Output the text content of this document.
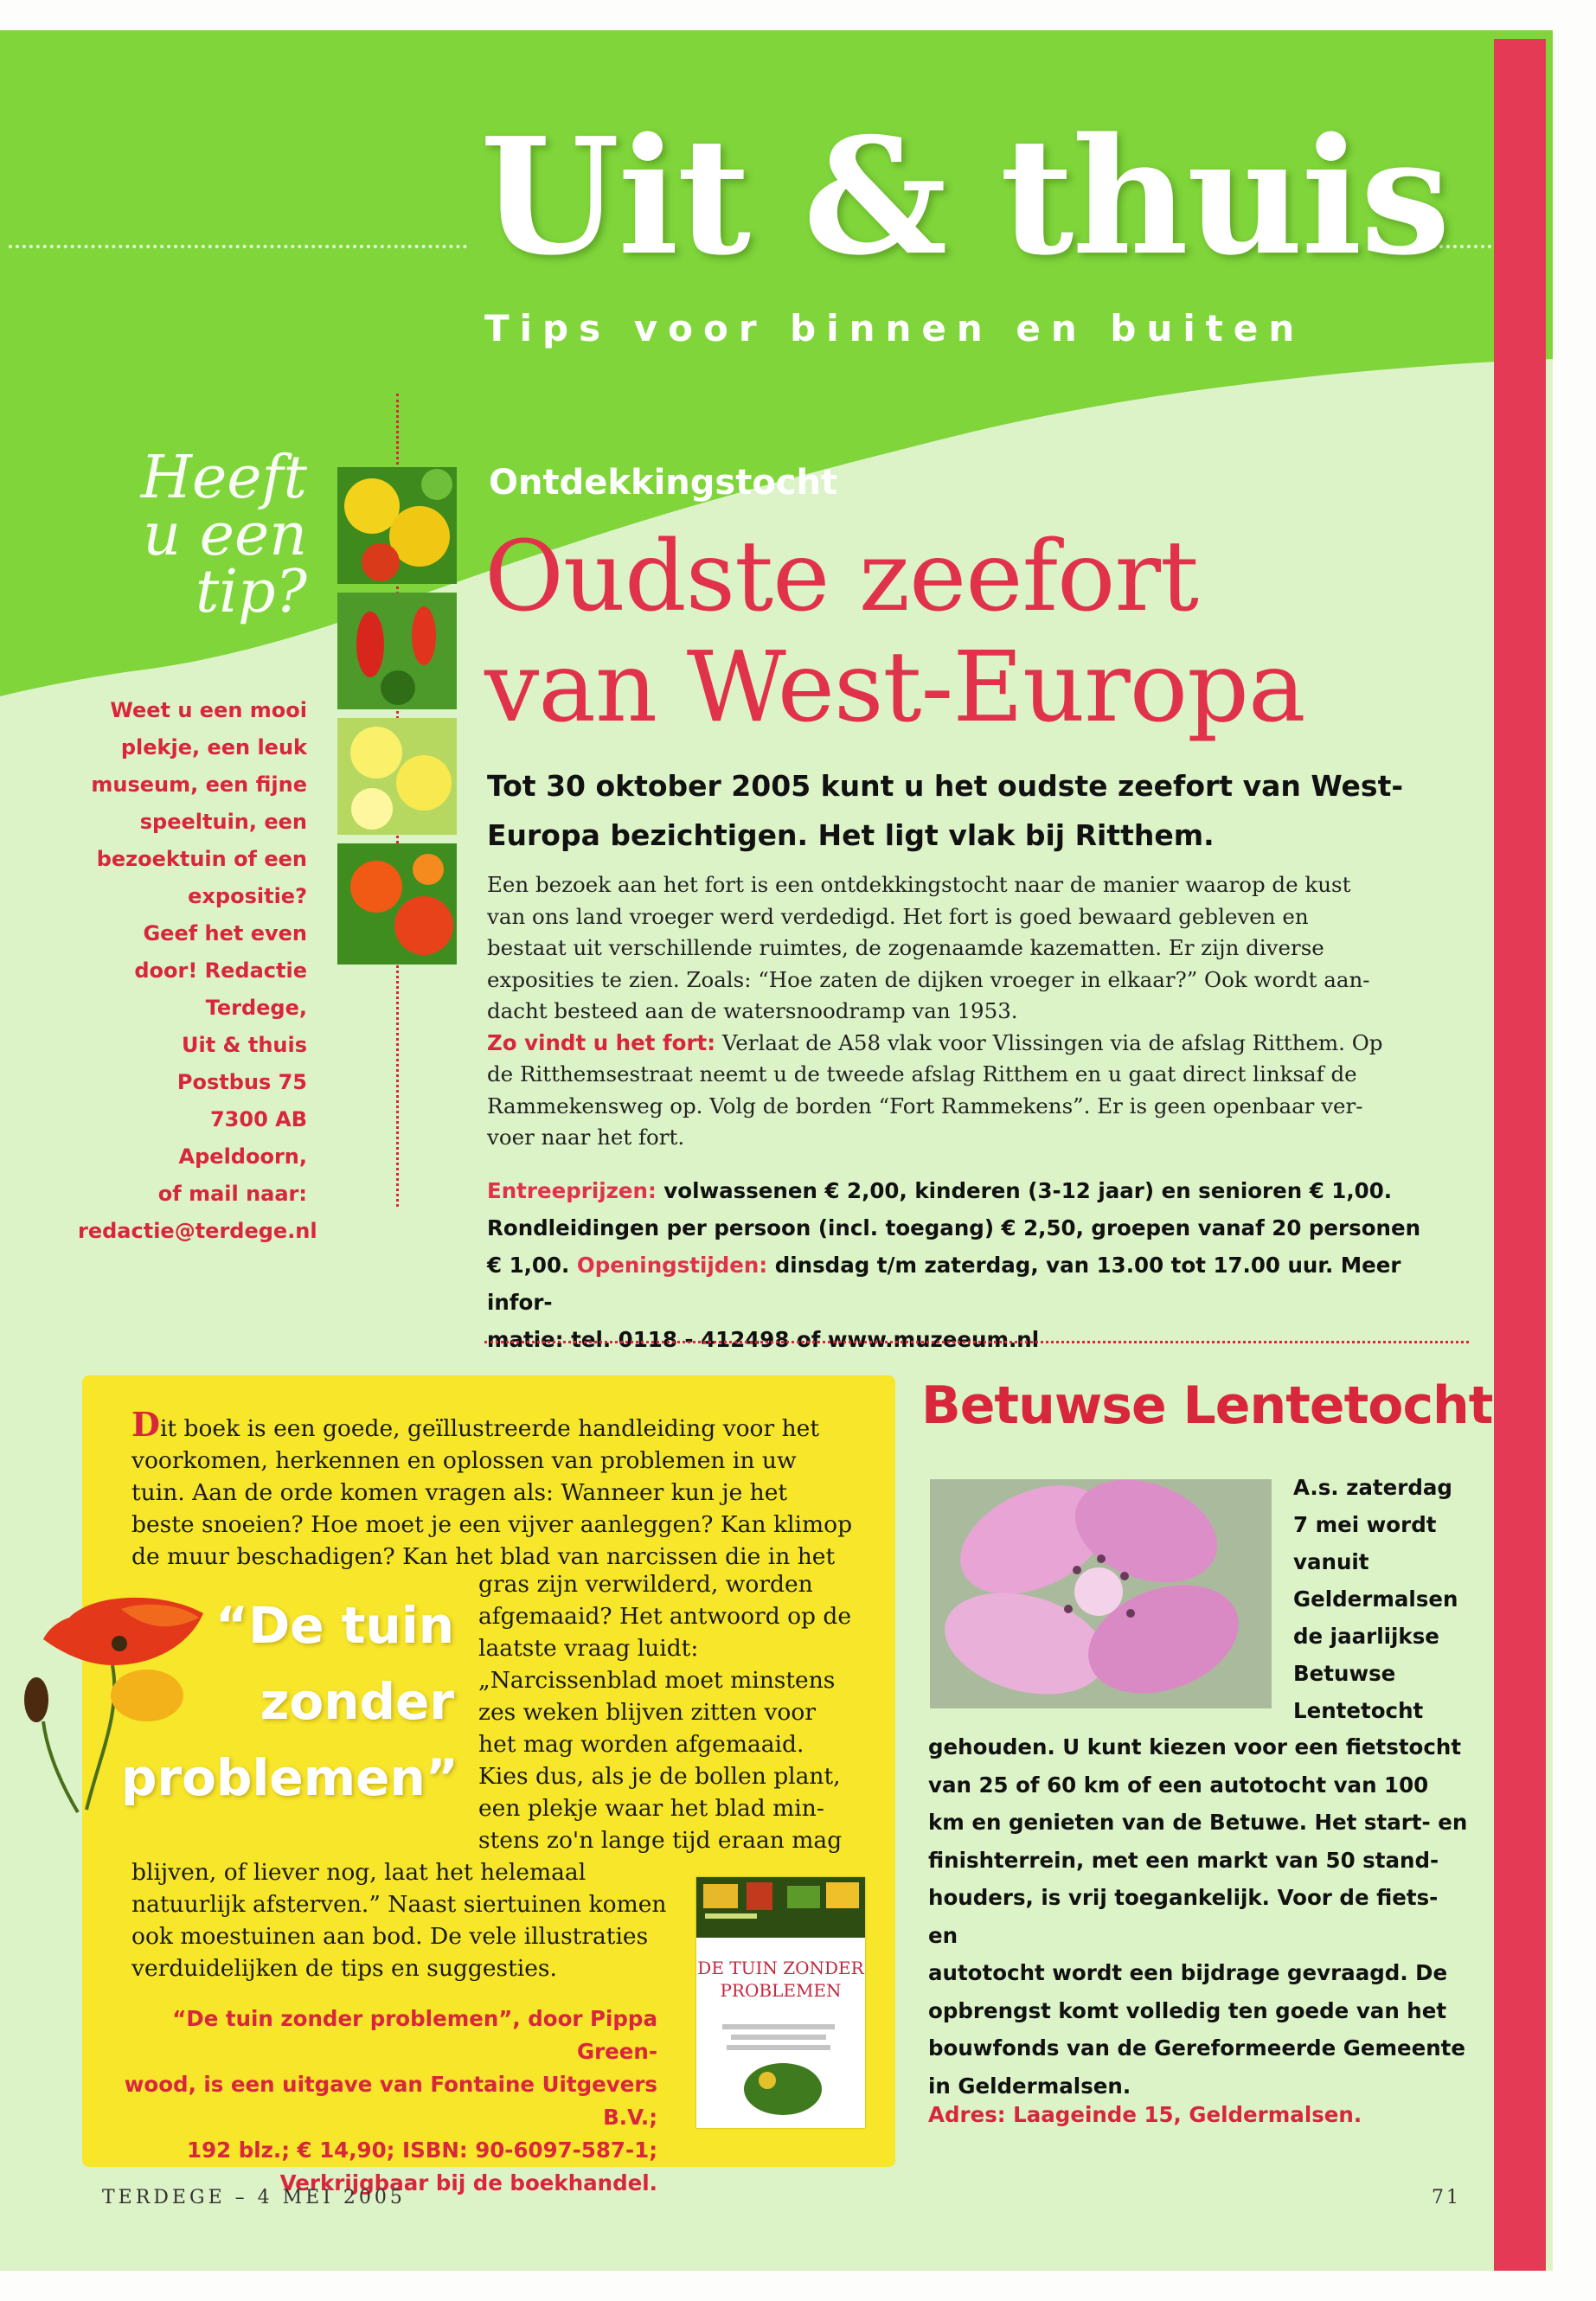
Uit & thuis
Tips voor binnen en buiten
Heeft
u een
tip?
Weet u een mooi
plekje, een leuk
museum, een fijne
speeltuin, een
bezoektuin of een
expositie?
Geef het even
door! Redactie
Terdege,
Uit & thuis
Postbus 75
7300 AB Apeldoorn,
of mail naar:
redactie@terdege.nl
Ontdekkingstocht
Oudste zeefort
van West-Europa
Tot 30 oktober 2005 kunt u het oudste zeefort van West-
Europa bezichtigen. Het ligt vlak bij Ritthem.
Een bezoek aan het fort is een ontdekkingstocht naar de manier waarop de kust
van ons land vroeger werd verdedigd. Het fort is goed bewaard gebleven en
bestaat uit verschillende ruimtes, de zogenaamde kazematten. Er zijn diverse
exposities te zien. Zoals: “Hoe zaten de dijken vroeger in elkaar?” Ook wordt aan-
dacht besteed aan de watersnoodramp van 1953.
Zo vindt u het fort: Verlaat de A58 vlak voor Vlissingen via de afslag Ritthem. Op
de Ritthemsestraat neemt u de tweede afslag Ritthem en u gaat direct linksaf de
Rammekensweg op. Volg de borden “Fort Rammekens”. Er is geen openbaar ver-
voer naar het fort.
Entreeprijzen: volwassenen € 2,00, kinderen (3-12 jaar) en senioren € 1,00.
Rondleidingen per persoon (incl. toegang) € 2,50, groepen vanaf 20 personen
€ 1,00. Openingstijden: dinsdag t/m zaterdag, van 13.00 tot 17.00 uur. Meer infor-
matie: tel. 0118 - 412498 of www.muzeeum.nl
Dit boek is een goede, geïllustreerde handleiding voor het
voorkomen, herkennen en oplossen van problemen in uw
tuin. Aan de orde komen vragen als: Wanneer kun je het
beste snoeien? Hoe moet je een vijver aanleggen? Kan klimop
de muur beschadigen? Kan het blad van narcissen die in het
gras zijn verwilderd, worden
afgemaaid? Het antwoord op de
laatste vraag luidt:
„Narcissenblad moet minstens
zes weken blijven zitten voor
het mag worden afgemaaid.
Kies dus, als je de bollen plant,
een plekje waar het blad min-
stens zo'n lange tijd eraan mag
blijven, of liever nog, laat het helemaal
natuurlijk afsterven.” Naast siertuinen komen
ook moestuinen aan bod. De vele illustraties
verduidelijken de tips en suggesties.
“De tuin
zonder
problemen”
“De tuin zonder problemen”, door Pippa Green-
wood, is een uitgave van Fontaine Uitgevers B.V.;
192 blz.; € 14,90; ISBN: 90-6097-587-1;
Verkrijgbaar bij de boekhandel.
DE TUIN ZONDER
PROBLEMEN
Betuwse Lentetocht
A.s. zaterdag
7 mei wordt
vanuit
Geldermalsen
de jaarlijkse
Betuwse
Lentetocht
gehouden. U kunt kiezen voor een fietstocht
van 25 of 60 km of een autotocht van 100
km en genieten van de Betuwe. Het start- en
finishterrein, met een markt van 50 stand-
houders, is vrij toegankelijk. Voor de fiets- en
autotocht wordt een bijdrage gevraagd. De
opbrengst komt volledig ten goede van het
bouwfonds van de Gereformeerde Gemeente
in Geldermalsen.
Adres: Laageinde 15, Geldermalsen.
TERDEGE – 4 MEI 2005	71
